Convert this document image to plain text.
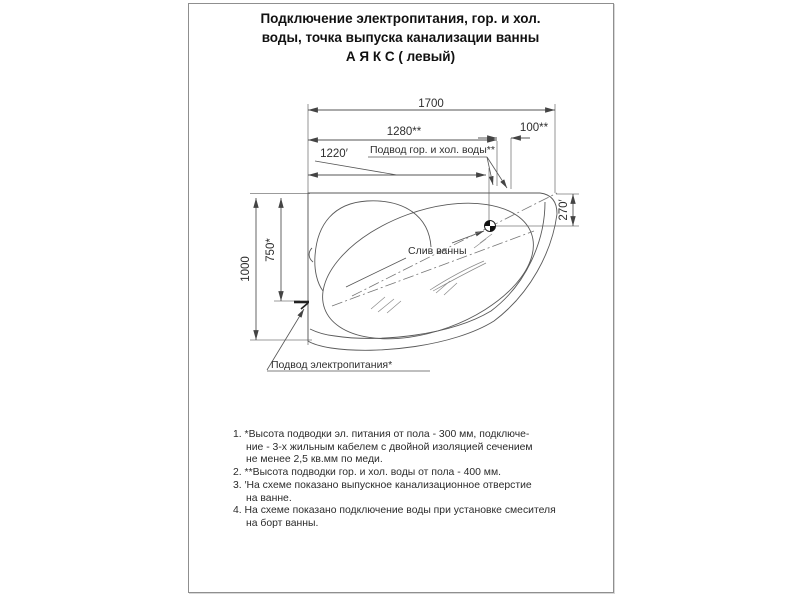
Подключение электропитания, гор. и хол.
воды, точка выпуска канализации ванны
А Я К С ( левый)
1700
1280**	100**
1220′
1000
750*
270′
Подвод гор. и хол. воды**
Слив ванны
Подвод электропитания*
1. *Высота подводки эл. питания от пола - 300 мм, подключе-
ние - 3-х жильным кабелем с двойной изоляцией сечением
не менее 2,5 кв.мм по меди.
2. **Высота подводки гор. и хол. воды от пола - 400 мм.
3. ′На схеме показано выпускное канализационное отверстие
на ванне.
4. На схеме показано подключение воды при установке смесителя
на борт ванны.
